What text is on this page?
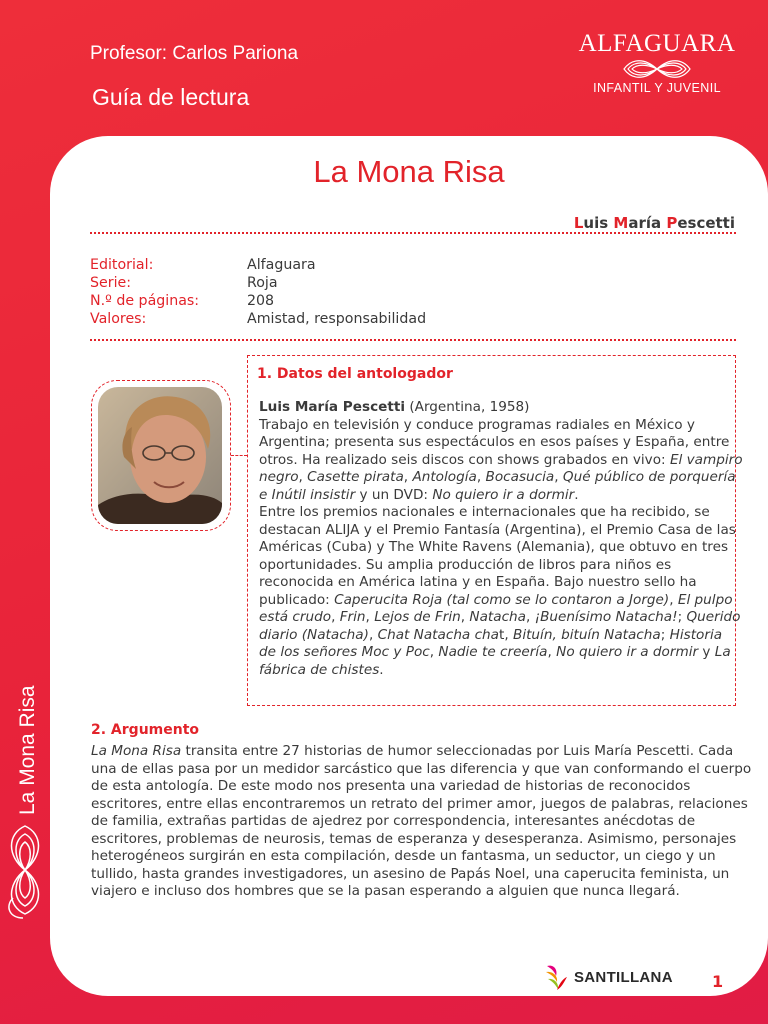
Profesor: Carlos Pariona
Guía de lectura
ALFAGUARA
INFANTIL Y JUVENIL
La Mona Risa
La Mona Risa
Luis María Pescetti
Editorial:	Alfaguara
Serie:	Roja
N.º de páginas:	208
Valores:	Amistad, responsabilidad
1. Datos del antologador
Luis María Pescetti (Argentina, 1958)
Trabajo en televisión y conduce programas radiales en México y Argentina; presenta sus espectáculos en esos países y España, entre otros. Ha realizado seis discos con shows grabados en vivo: El vampiro negro, Casette pirata, Antología, Bocasucia, Qué público de porquería e Inútil insistir y un DVD: No quiero ir a dormir.
Entre los premios nacionales e internacionales que ha recibido, se destacan ALIJA y el Premio Fantasía (Argentina), el Premio Casa de las Américas (Cuba) y The White Ravens (Alemania), que obtuvo en tres oportunidades. Su amplia producción de libros para niños es reconocida en América latina y en España. Bajo nuestro sello ha publicado: Caperucita Roja (tal como se lo contaron a Jorge), El pulpo está crudo, Frin, Lejos de Frin, Natacha, ¡Buenísimo Natacha!; Querido diario (Natacha), Chat Natacha chat, Bituín, bituín Natacha; Historia de los señores Moc y Poc, Nadie te creería, No quiero ir a dormir y La fábrica de chistes.
2. Argumento
La Mona Risa transita entre 27 historias de humor seleccionadas por Luis María Pescetti. Cada una de ellas pasa por un medidor sarcástico que las diferencia y que van conformando el cuerpo de esta antología. De este modo nos presenta una variedad de historias de reconocidos escritores, entre ellas encontraremos un retrato del primer amor, juegos de palabras, relaciones de familia, extrañas partidas de ajedrez por correspondencia, interesantes anécdotas de escritores, problemas de neurosis, temas de esperanza y desesperanza. Asimismo, personajes heterogéneos surgirán en esta compilación, desde un fantasma, un seductor, un ciego y un tullido, hasta grandes investigadores, un asesino de Papás Noel, una caperucita feminista, un viajero e incluso dos hombres que se la pasan esperando a alguien que nunca llegará.
SANTILLANA 1
